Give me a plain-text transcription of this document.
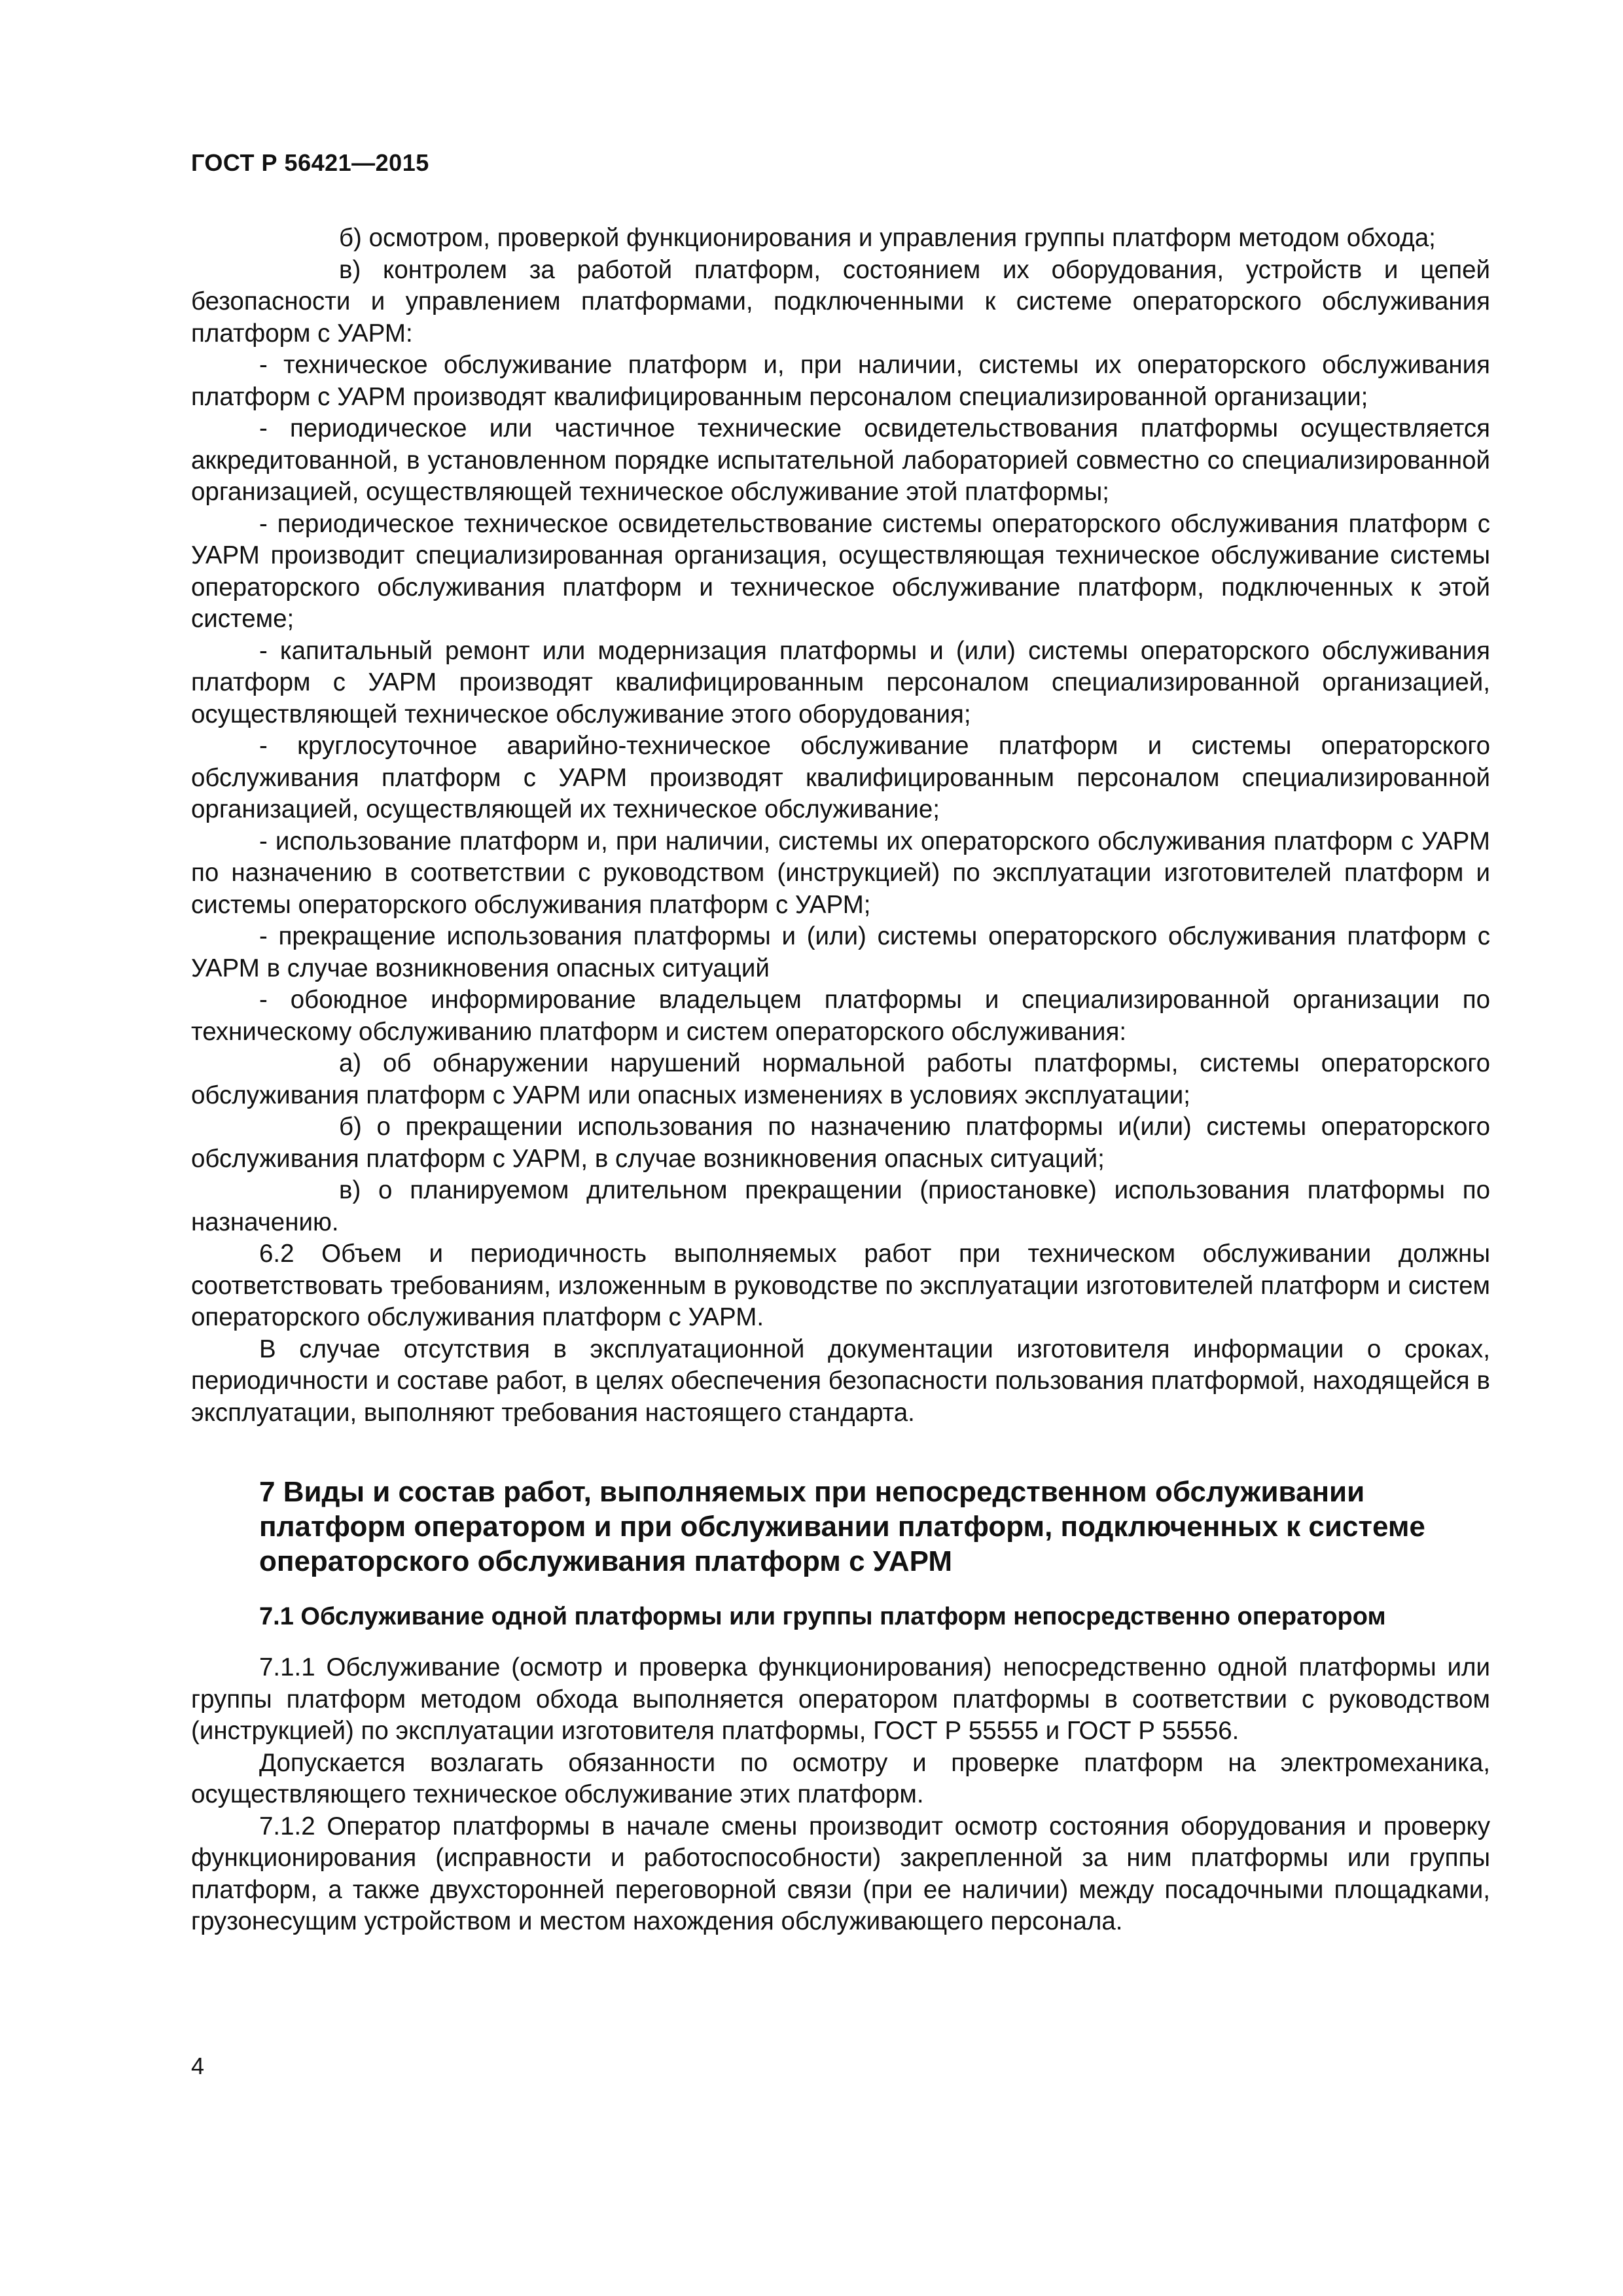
ГОСТ Р 56421—2015

б) осмотром, проверкой функционирования и управления группы платформ методом обхода;

в) контролем за работой платформ, состоянием их оборудования, устройств и цепей безопасности и управлением платформами, подключенными к системе операторского обслуживания платформ с УАРМ:

- техническое обслуживание платформ и, при наличии, системы их операторского обслуживания платформ с УАРМ производят квалифицированным персоналом специализированной организации;

- периодическое или частичное технические освидетельствования платформы осуществляется аккредитованной, в установленном порядке испытательной лабораторией совместно со специализированной организацией, осуществляющей техническое обслуживание этой платформы;

- периодическое техническое освидетельствование системы операторского обслуживания платформ с УАРМ производит специализированная организация, осуществляющая техническое обслуживание системы операторского обслуживания платформ и техническое обслуживание платформ, подключенных к этой системе;

- капитальный ремонт или модернизация платформы и (или) системы операторского обслуживания платформ с УАРМ производят квалифицированным персоналом специализированной организацией, осуществляющей техническое обслуживание этого оборудования;

- круглосуточное аварийно-техническое обслуживание платформ и системы операторского обслуживания платформ с УАРМ производят квалифицированным персоналом специализированной организацией, осуществляющей их техническое обслуживание;

- использование платформ и, при наличии, системы их операторского обслуживания платформ с УАРМ по назначению в соответствии с руководством (инструкцией) по эксплуатации изготовителей платформ и системы операторского обслуживания платформ с УАРМ;

- прекращение использования платформы и (или) системы операторского обслуживания платформ с УАРМ в случае возникновения опасных ситуаций

- обоюдное информирование владельцем платформы и специализированной организации по техническому обслуживанию платформ и систем операторского обслуживания:

а) об обнаружении нарушений нормальной работы платформы, системы операторского обслуживания платформ с УАРМ или опасных изменениях в условиях эксплуатации;

б) о прекращении использования по назначению платформы и(или) системы операторского обслуживания платформ с УАРМ, в случае возникновения опасных ситуаций;

в) о планируемом длительном прекращении (приостановке) использования платформы по назначению.

6.2 Объем и периодичность выполняемых работ при техническом обслуживании должны соответствовать требованиям, изложенным в руководстве по эксплуатации изготовителей платформ и систем операторского обслуживания платформ с УАРМ.

В случае отсутствия в эксплуатационной документации изготовителя информации о сроках, периодичности и составе работ, в целях обеспечения безопасности пользования платформой, находящейся в эксплуатации, выполняют требования настоящего стандарта.

7 Виды и состав работ, выполняемых при непосредственном обслуживании платформ оператором и при обслуживании платформ, подключенных к системе операторского обслуживания платформ с УАРМ
7.1 Обслуживание одной платформы или группы платформ непосредственно оператором

7.1.1 Обслуживание (осмотр и проверка функционирования) непосредственно одной платформы или группы платформ методом обхода выполняется оператором платформы в соответствии с руководством (инструкцией) по эксплуатации изготовителя платформы, ГОСТ Р 55555 и ГОСТ Р 55556.

Допускается возлагать обязанности по осмотру и проверке платформ на электромеханика, осуществляющего техническое обслуживание этих платформ.

7.1.2 Оператор платформы в начале смены производит осмотр состояния оборудования и проверку функционирования (исправности и работоспособности) закрепленной за ним платформы или группы платформ, а также двухсторонней переговорной связи (при ее наличии) между посадочными площадками, грузонесущим устройством и местом нахождения обслуживающего персонала.

4
